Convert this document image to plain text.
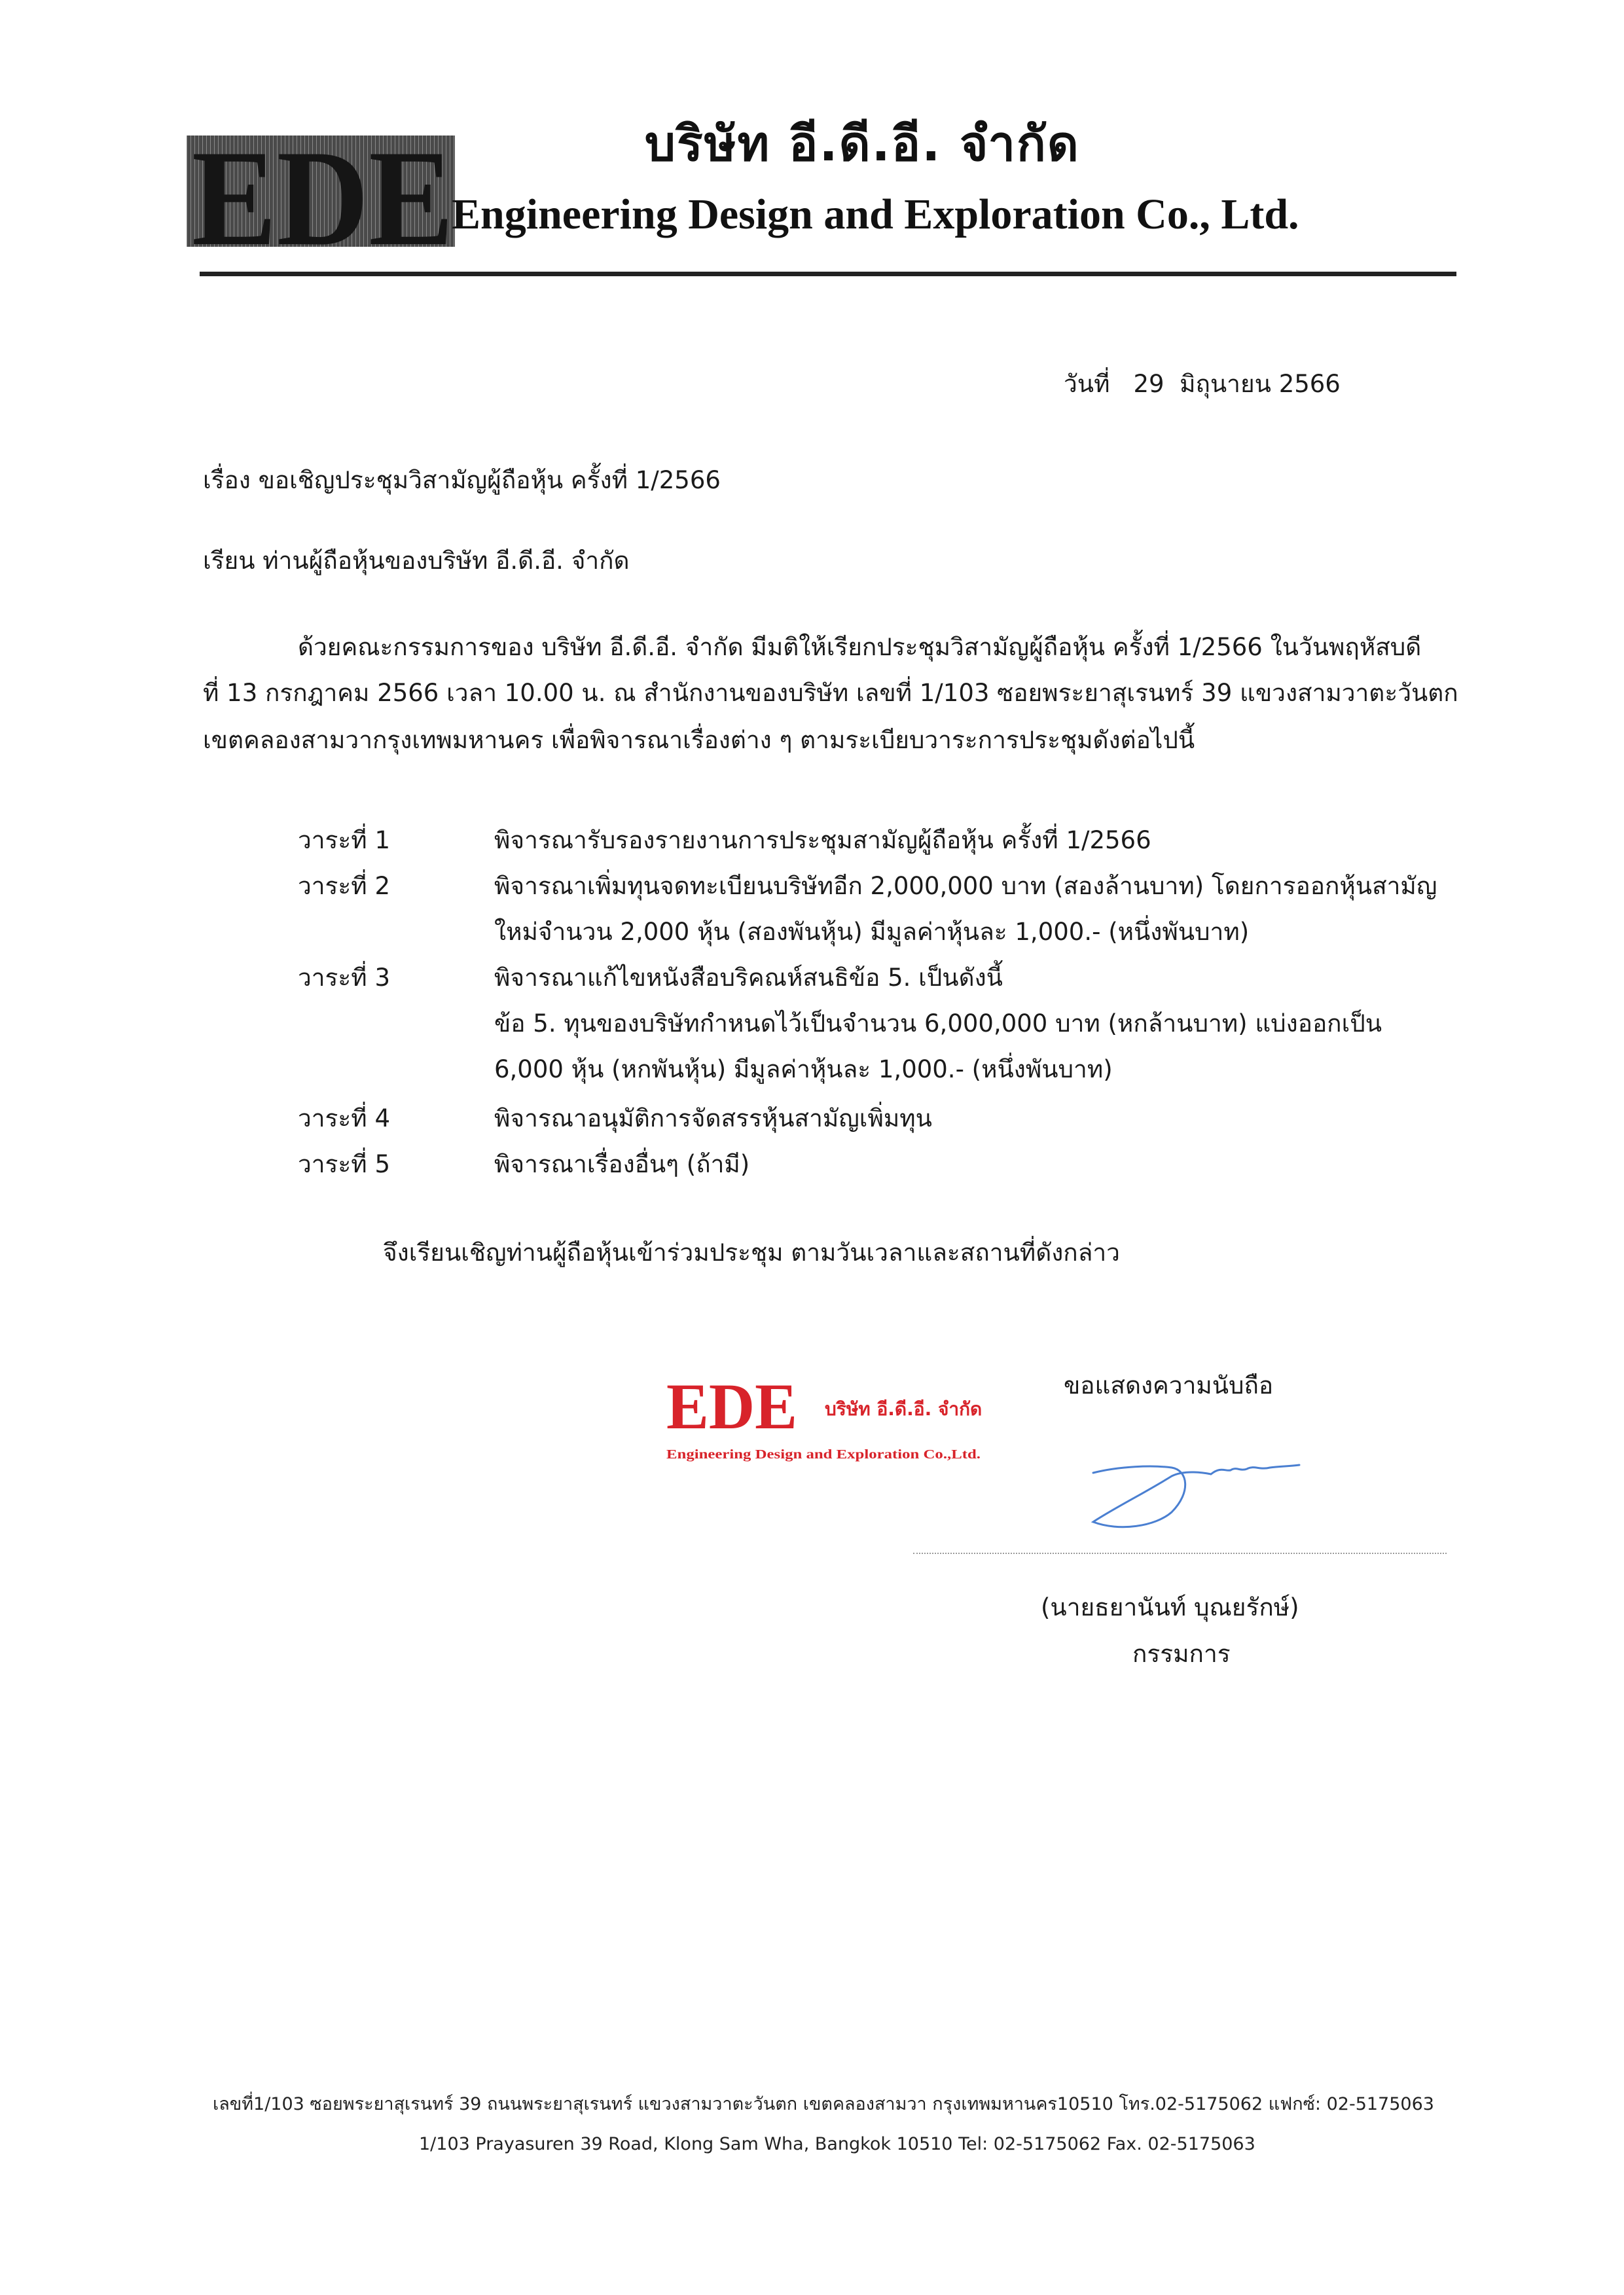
EDE	บริษัท อี.ดี.อี. จำกัด
Engineering Design and Exploration Co., Ltd.
วันที่ 29 มิถุนายน 2566
เรื่อง ขอเชิญประชุมวิสามัญผู้ถือหุ้น ครั้งที่ 1/2566
เรียน ท่านผู้ถือหุ้นของบริษัท อี.ดี.อี. จำกัด
ด้วยคณะกรรมการของ บริษัท อี.ดี.อี. จำกัด มีมติให้เรียกประชุมวิสามัญผู้ถือหุ้น ครั้งที่ 1/2566 ในวันพฤหัสบดี
ที่ 13 กรกฎาคม 2566 เวลา 10.00 น. ณ สำนักงานของบริษัท เลขที่ 1/103 ซอยพระยาสุเรนทร์ 39 แขวงสามวาตะวันตก
เขตคลองสามวากรุงเทพมหานคร เพื่อพิจารณาเรื่องต่าง ๆ ตามระเบียบวาระการประชุมดังต่อไปนี้
วาระที่ 1	พิจารณารับรองรายงานการประชุมสามัญผู้ถือหุ้น ครั้งที่ 1/2566
วาระที่ 2	พิจารณาเพิ่มทุนจดทะเบียนบริษัทอีก 2,000,000 บาท (สองล้านบาท) โดยการออกหุ้นสามัญ
ใหม่จำนวน 2,000 หุ้น (สองพันหุ้น) มีมูลค่าหุ้นละ 1,000.- (หนึ่งพันบาท)
วาระที่ 3	พิจารณาแก้ไขหนังสือบริคณห์สนธิข้อ 5. เป็นดังนี้
ข้อ 5. ทุนของบริษัทกำหนดไว้เป็นจำนวน 6,000,000 บาท (หกล้านบาท) แบ่งออกเป็น
6,000 หุ้น (หกพันหุ้น) มีมูลค่าหุ้นละ 1,000.- (หนึ่งพันบาท)
วาระที่ 4	พิจารณาอนุมัติการจัดสรรหุ้นสามัญเพิ่มทุน
วาระที่ 5	พิจารณาเรื่องอื่นๆ (ถ้ามี)
จึงเรียนเชิญท่านผู้ถือหุ้นเข้าร่วมประชุม ตามวันเวลาและสถานที่ดังกล่าว
EDE บริษัท อี.ดี.อี. จำกัด
Engineering Design and Exploration Co.,Ltd.
ขอแสดงความนับถือ
(นายธยานันท์ บุณยรักษ์)
กรรมการ
เลขที่1/103 ซอยพระยาสุเรนทร์ 39 ถนนพระยาสุเรนทร์ แขวงสามวาตะวันตก เขตคลองสามวา กรุงเทพมหานคร10510 โทร.02-5175062 แฟกซ์: 02-5175063
1/103 Prayasuren 39 Road, Klong Sam Wha, Bangkok 10510 Tel: 02-5175062 Fax. 02-5175063
